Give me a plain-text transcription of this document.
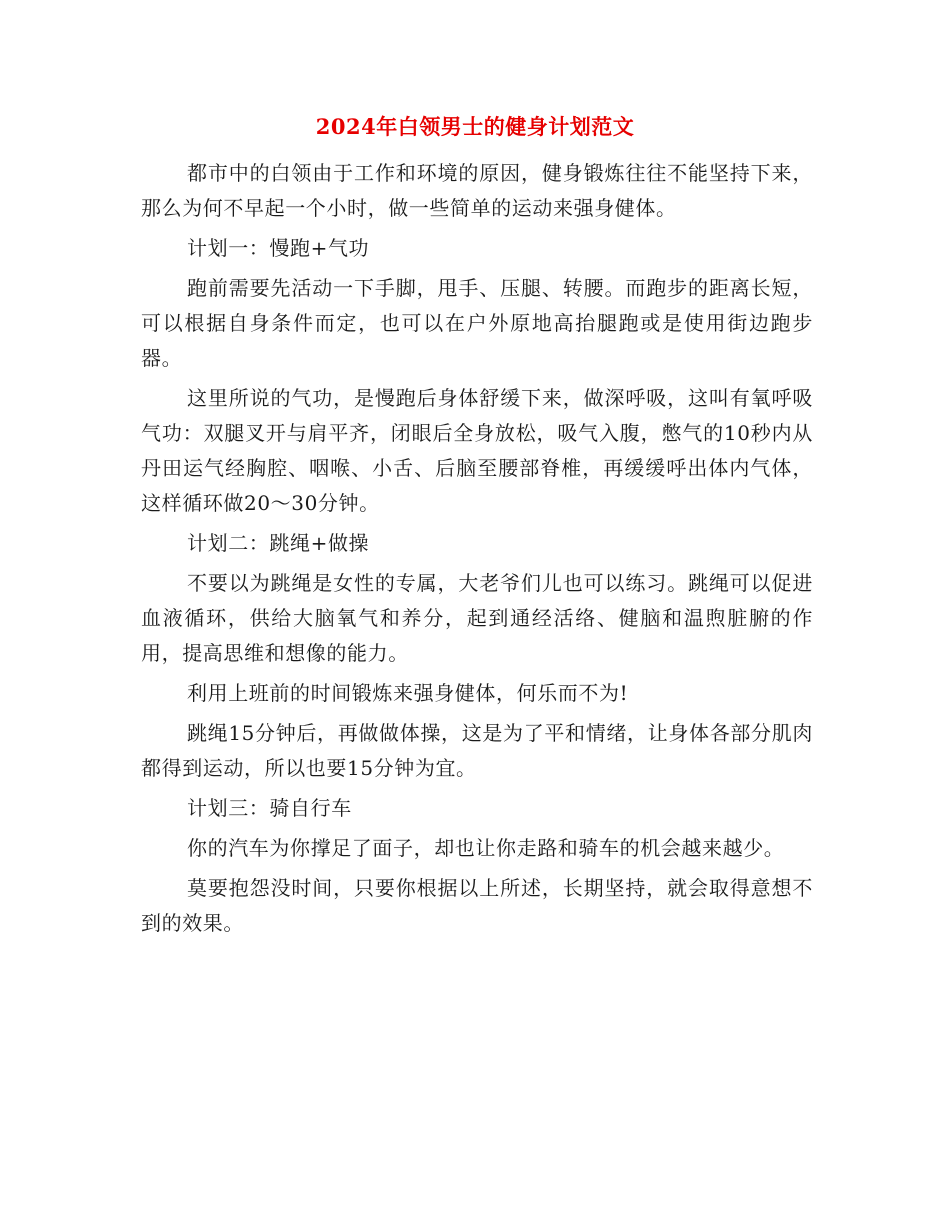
2024年白领男士的健身计划范文

都市中的白领由于工作和环境的原因，健身锻炼往往不能坚持下来，那么为何不早起一个小时，做一些简单的运动来强身健体。

计划一：慢跑+气功

跑前需要先活动一下手脚，甩手、压腿、转腰。而跑步的距离长短，可以根据自身条件而定，也可以在户外原地高抬腿跑或是使用街边跑步器。

这里所说的气功，是慢跑后身体舒缓下来，做深呼吸，这叫有氧呼吸气功：双腿叉开与肩平齐，闭眼后全身放松，吸气入腹，憋气的10秒内从丹田运气经胸腔、咽喉、小舌、后脑至腰部脊椎，再缓缓呼出体内气体，这样循环做20～30分钟。

计划二：跳绳+做操

不要以为跳绳是女性的专属，大老爷们儿也可以练习。跳绳可以促进血液循环，供给大脑氧气和养分，起到通经活络、健脑和温煦脏腑的作用，提高思维和想像的能力。

利用上班前的时间锻炼来强身健体，何乐而不为!

跳绳15分钟后，再做做体操，这是为了平和情绪，让身体各部分肌肉都得到运动，所以也要15分钟为宜。

计划三：骑自行车

你的汽车为你撑足了面子，却也让你走路和骑车的机会越来越少。

莫要抱怨没时间，只要你根据以上所述，长期坚持，就会取得意想不到的效果。
